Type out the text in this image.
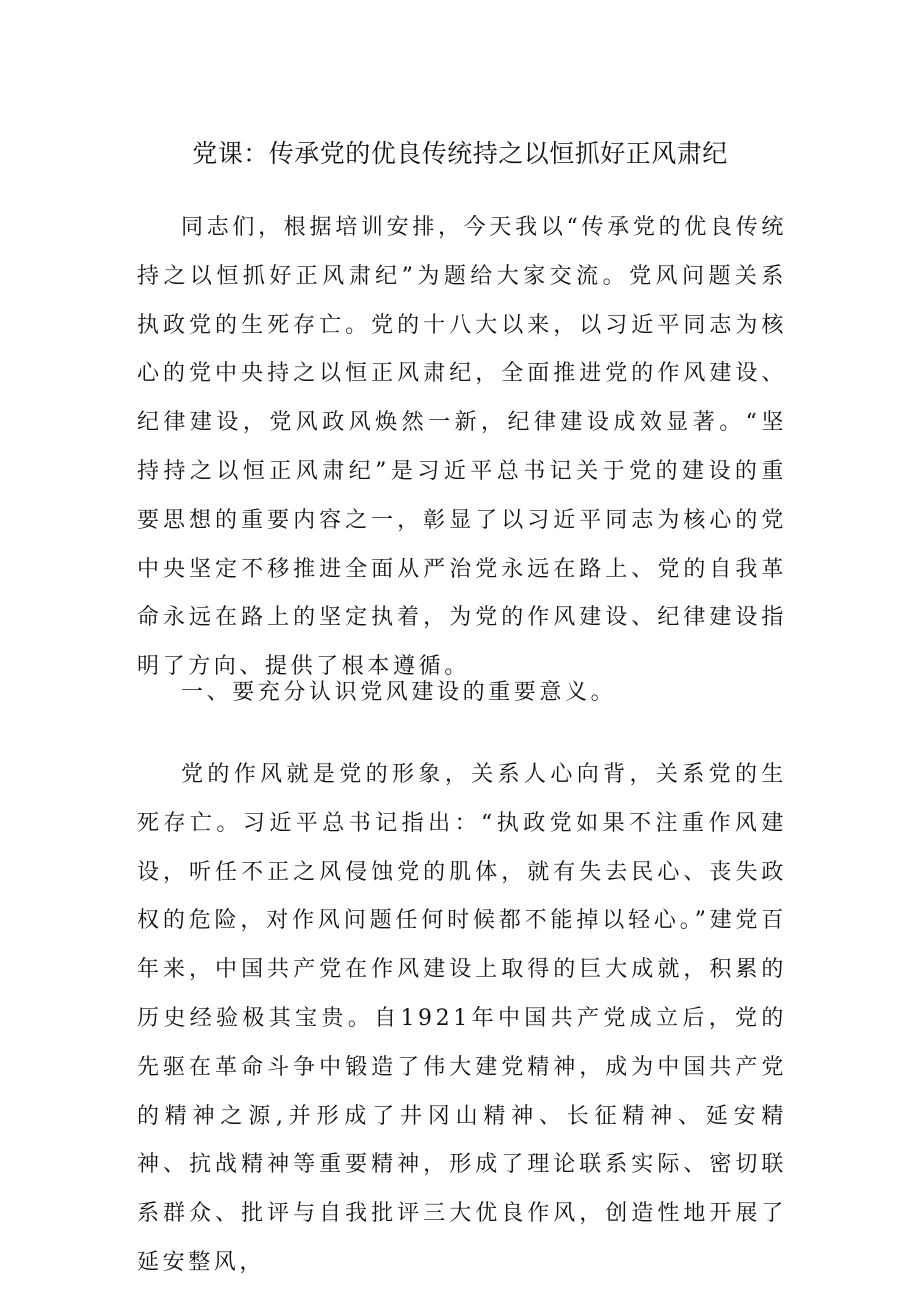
党课：传承党的优良传统持之以恒抓好正风肃纪

同志们，根据培训安排，今天我以“传承党的优良传统持之以恒抓好正风肃纪”为题给大家交流。党风问题关系执政党的生死存亡。党的十八大以来，以习近平同志为核心的党中央持之以恒正风肃纪，全面推进党的作风建设、纪律建设，党风政风焕然一新，纪律建设成效显著。“坚持持之以恒正风肃纪”是习近平总书记关于党的建设的重要思想的重要内容之一，彰显了以习近平同志为核心的党中央坚定不移推进全面从严治党永远在路上、党的自我革命永远在路上的坚定执着，为党的作风建设、纪律建设指明了方向、提供了根本遵循。

一、要充分认识党风建设的重要意义。

党的作风就是党的形象，关系人心向背，关系党的生死存亡。习近平总书记指出：“执政党如果不注重作风建设，听任不正之风侵蚀党的肌体，就有失去民心、丧失政权的危险，对作风问题任何时候都不能掉以轻心。”建党百年来，中国共产党在作风建设上取得的巨大成就，积累的历史经验极其宝贵。自1921年中国共产党成立后，党的先驱在革命斗争中锻造了伟大建党精神，成为中国共产党的精神之源,并形成了井冈山精神、长征精神、延安精神、抗战精神等重要精神，形成了理论联系实际、密切联系群众、批评与自我批评三大优良作风，创造性地开展了延安整风，
